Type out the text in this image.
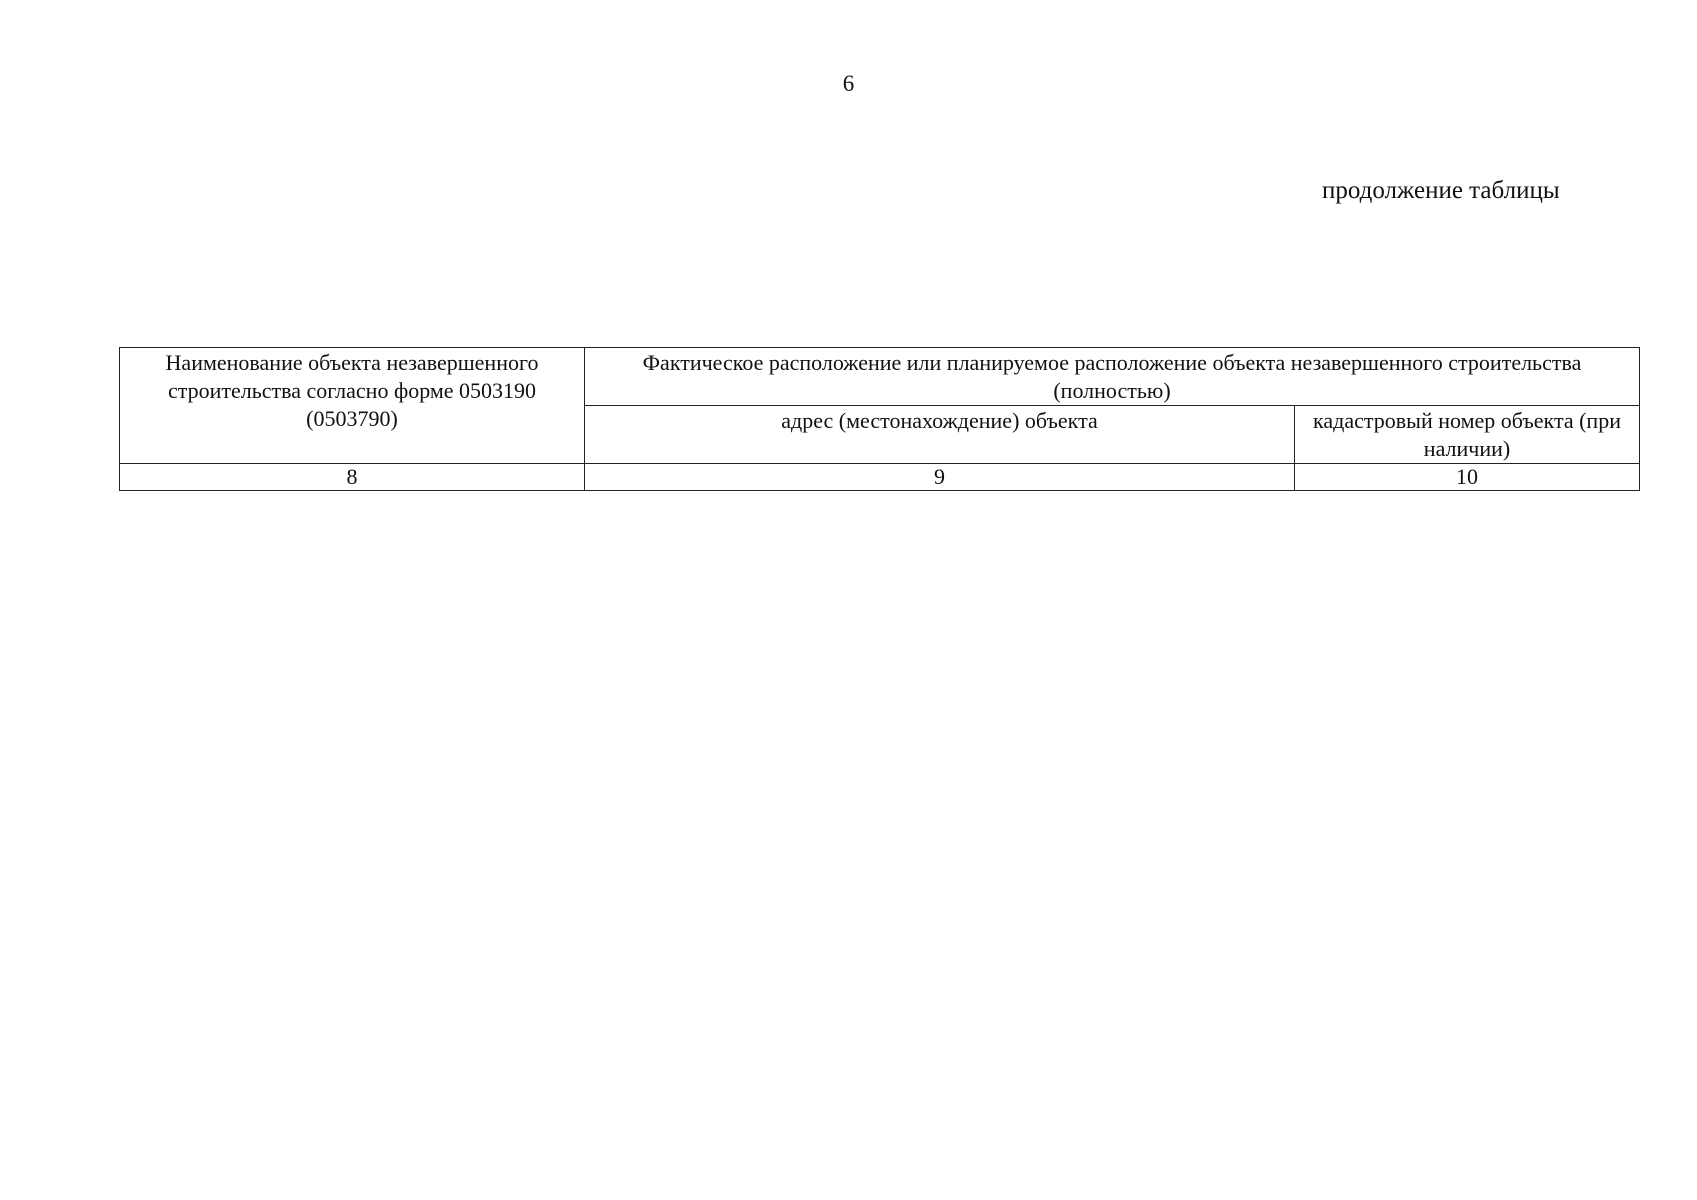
6
продолжение таблицы
Наименование объекта незавершенного строительства согласно форме 0503190 (0503790)	Фактическое расположение или планируемое расположение объекта незавершенного строительства (полностью)	
	адрес (местонахождение) объекта	кадастровый номер объекта (при наличии)
8	9	10
